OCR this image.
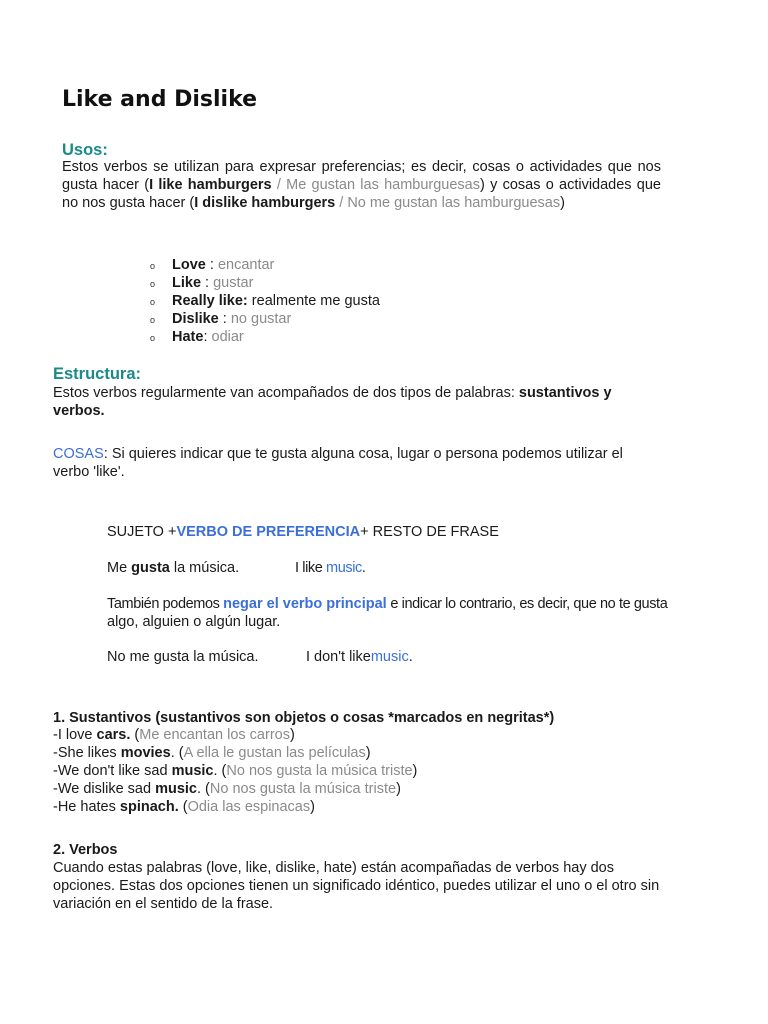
Like and Dislike
Usos:
Estos verbos se utilizan para expresar preferencias; es decir, cosas o actividades que nos gusta hacer (I like hamburgers / Me gustan las hamburguesas) y cosas o actividades que no nos gusta hacer (I dislike hamburgers / No me gustan las hamburguesas)
o Love : encantar
o Like : gustar
o Really like: realmente me gusta
o Dislike : no gustar
o Hate: odiar
Estructura:
Estos verbos regularmente van acompañados de dos tipos de palabras: sustantivos y verbos.
COSAS: Si quieres indicar que te gusta alguna cosa, lugar o persona podemos utilizar el verbo 'like'.
SUJETO +VERBO DE PREFERENCIA+ RESTO DE FRASE
Me gusta la música.	I like music.
También podemos negar el verbo principal e indicar lo contrario, es decir, que no te gusta
algo, alguien o algún lugar.
No me gusta la música.	I don't likemusic.
1. Sustantivos (sustantivos son objetos o cosas *marcados en negritas*)
-I love cars. (Me encantan los carros)
-She likes movies. (A ella le gustan las películas)
-We don't like sad music. (No nos gusta la música triste)
-We dislike sad music. (No nos gusta la música triste)
-He hates spinach. (Odia las espinacas)
2. Verbos
Cuando estas palabras (love, like, dislike, hate) están acompañadas de verbos hay dos opciones. Estas dos opciones tienen un significado idéntico, puedes utilizar el uno o el otro sin variación en el sentido de la frase.
